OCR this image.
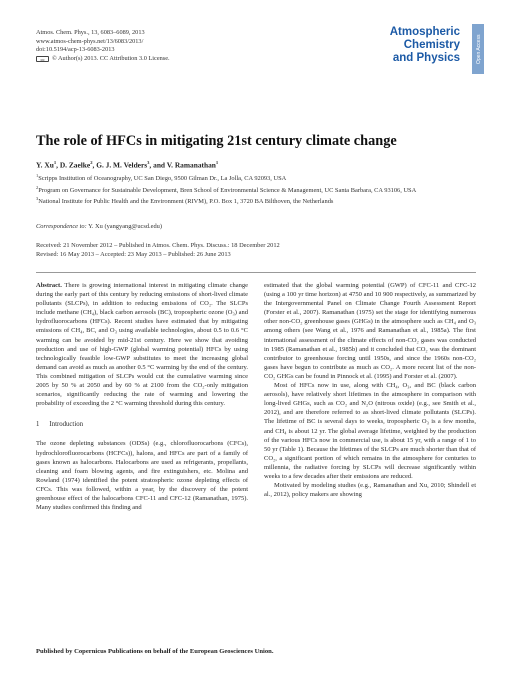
Atmos. Chem. Phys., 13, 6083–6089, 2013
www.atmos-chem-phys.net/13/6083/2013/
doi:10.5194/acp-13-6083-2013
cc	© Author(s) 2013. CC Attribution 3.0 License.
Atmospheric
Chemistry
and Physics	Open Access
The role of HFCs in mitigating 21st century climate change
Y. Xu$^1$, D. Zaelke$^2$, G. J. M. Velders$^3$, and V. Ramanathan$^1$
$^1$Scripps Institution of Oceanography, UC San Diego, 9500 Gilman Dr., La Jolla, CA 92093, USA
$^2$Program on Governance for Sustainable Development, Bren School of Environmental Science & Management, UC Santa Barbara, CA 93106, USA
$^3$National Institute for Public Health and the Environment (RIVM), P.O. Box 1, 3720 BA Bilthoven, the Netherlands
Correspondence to: Y. Xu (yangyang@ucsd.edu)
Received: 21 November 2012 – Published in Atmos. Chem. Phys. Discuss.: 18 December 2012
Revised: 16 May 2013 – Accepted: 23 May 2013 – Published: 26 June 2013

Abstract. There is growing international interest in mitigating climate change during the early part of this century by reducing emissions of short-lived climate pollutants (SLCPs), in addition to reducing emissions of CO₂. The SLCPs include methane (CH₄), black carbon aerosols (BC), tropospheric ozone (O₃) and hydrofluorocarbons (HFCs). Recent studies have estimated that by mitigating emissions of CH₄, BC, and O₃ using available technologies, about 0.5 to 0.6 °C warming can be avoided by mid-21st century. Here we show that avoiding production and use of high-GWP (global warming potential) HFCs by using technologically feasible low-GWP substitutes to meet the increasing global demand can avoid as much as another 0.5 °C warming by the end of the century. This combined mitigation of SLCPs would cut the cumulative warming since 2005 by 50 % at 2050 and by 60 % at 2100 from the CO₂-only mitigation scenarios, significantly reducing the rate of warming and lowering the probability of exceeding the 2 °C warming threshold during this century.

1 Introduction

The ozone depleting substances (ODSs) (e.g., chlorofluorocarbons (CFCs), hydrochlorofluorocarbons (HCFCs)), halons, and HFCs are part of a family of gases known as halocarbons. Halocarbons are used as refrigerants, propellants, cleaning and foam blowing agents, and fire extinguishers, etc. Molina and Rowland (1974) identified the potent stratospheric ozone depleting effects of CFCs. This was followed, within a year, by the discovery of the potent greenhouse effect of the halocarbons CFC-11 and CFC-12 (Ramanathan, 1975). Many studies confirmed this finding and

estimated that the global warming potential (GWP) of CFC-11 and CFC-12 (using a 100 yr time horizon) at 4750 and 10 900 respectively, as summarized by the Intergovernmental Panel on Climate Change Fourth Assessment Report (Forster et al., 2007). Ramanathan (1975) set the stage for identifying numerous other non-CO₂ greenhouse gases (GHGs) in the atmosphere such as CH₄ and O₃ among others (see Wang et al., 1976 and Ramanathan et al., 1985a). The first international assessment of the climate effects of non-CO₂ gases was conducted in 1985 (Ramanathan et al., 1985b) and it concluded that CO₂ was the dominant contributor to greenhouse forcing until 1950s, and since the 1960s non-CO₂ gases have begun to contribute as much as CO₂. A more recent list of the non-CO₂ GHGs can be found in Pinnock et al. (1995) and Forster et al. (2007).

Most of HFCs now in use, along with CH₄, O₃, and BC (black carbon aerosols), have relatively short lifetimes in the atmosphere in comparison with long-lived GHGs, such as CO₂ and N₂O (nitrous oxide) (e.g., see Smith et al., 2012), and are therefore referred to as short-lived climate pollutants (SLCPs). The lifetime of BC is several days to weeks, tropospheric O₃ is a few months, and CH₄ is about 12 yr. The global average lifetime, weighted by the production of the various HFCs now in commercial use, is about 15 yr, with a range of 1 to 50 yr (Table 1). Because the lifetimes of the SLCPs are much shorter than that of CO₂, a significant portion of which remains in the atmosphere for centuries to millennia, the radiative forcing by SLCPs will decrease significantly within weeks to a few decades after their emissions are reduced.

Motivated by modeling studies (e.g., Ramanathan and Xu, 2010; Shindell et al., 2012), policy makers are showing

Published by Copernicus Publications on behalf of the European Geosciences Union.
